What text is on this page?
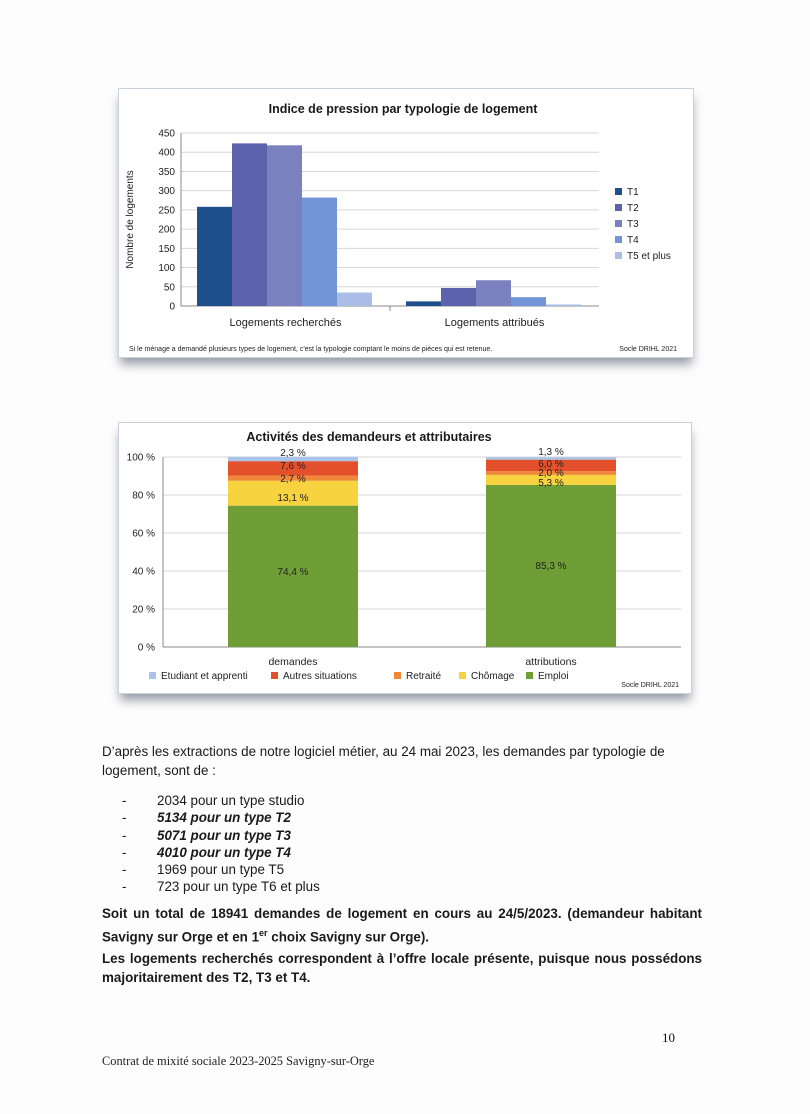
Indice de pression par typologie de logement
0
50
100
150
200
250
300
350
400
450
Nombre de logements
Logements recherchés	Logements attribués
T1
T2
T3
T4
T5 et plus
Si le ménage a demandé plusieurs types de logement, c'est la typologie comptant le moins de pièces qui est retenue.	Socle DRIHL 2021
Activités des demandeurs et attributaires
0 %
20 %
40 %
60 %
80 %
100 %
demandes	attributions
74,4 %
13,1 %
2,7 %
7,6 %
2,3 %
85,3 %
5,3 %
2,0 %
6,0 %
1,3 %
Etudiant et apprenti	Autres situations	Retraité	Chômage Emploi
Socle DRIHL 2021
D’après les extractions de notre logiciel métier, au 24 mai 2023, les demandes par typologie de logement, sont de :
- 2034 pour un type studio
- 5134 pour un type T2
- 5071 pour un type T3
- 4010 pour un type T4
- 1969 pour un type T5
- 723 pour un type T6 et plus
Soit un total de 18941 demandes de logement en cours au 24/5/2023. (demandeur habitant Savigny sur Orge et en 1er choix Savigny sur Orge).
Les logements recherchés correspondent à l’offre locale présente, puisque nous possédons majoritairement des T2, T3 et T4.
10
Contrat de mixité sociale 2023-2025 Savigny-sur-Orge
